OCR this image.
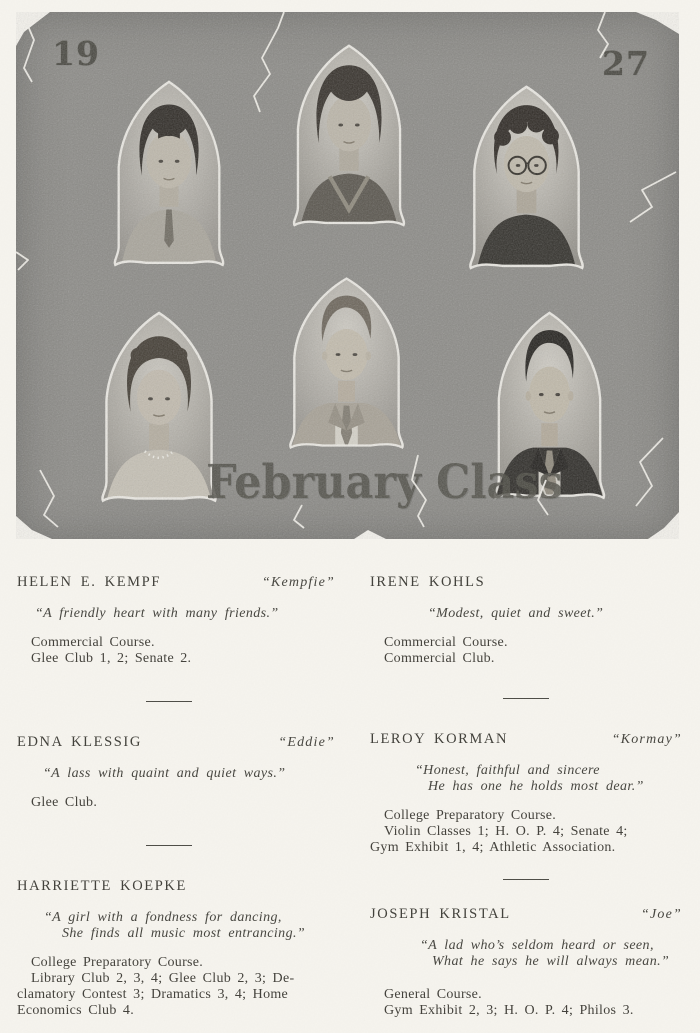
19	27
February Class
HELEN E. KEMPF	“Kempfie”
“A friendly heart with many friends.”
Commercial Course.
Glee Club 1, 2; Senate 2.
EDNA KLESSIG	“Eddie”
“A lass with quaint and quiet ways.”
Glee Club.
HARRIETTE KOEPKE
“A girl with a fondness for dancing,
She finds all music most entrancing.”
College Preparatory Course.
Library Club 2, 3, 4; Glee Club 2, 3; De-
clamatory Contest 3; Dramatics 3, 4; Home
Economics Club 4.
IRENE KOHLS
“Modest, quiet and sweet.”
Commercial Course.
Commercial Club.
LEROY KORMAN	“Kormay”
“Honest, faithful and sincere
He has one he holds most dear.”
College Preparatory Course.
Violin Classes 1; H. O. P. 4; Senate 4;
Gym Exhibit 1, 4; Athletic Association.
JOSEPH KRISTAL	“Joe”
“A lad who’s seldom heard or seen,
What he says he will always mean.”
General Course.
Gym Exhibit 2, 3; H. O. P. 4; Philos 3.
